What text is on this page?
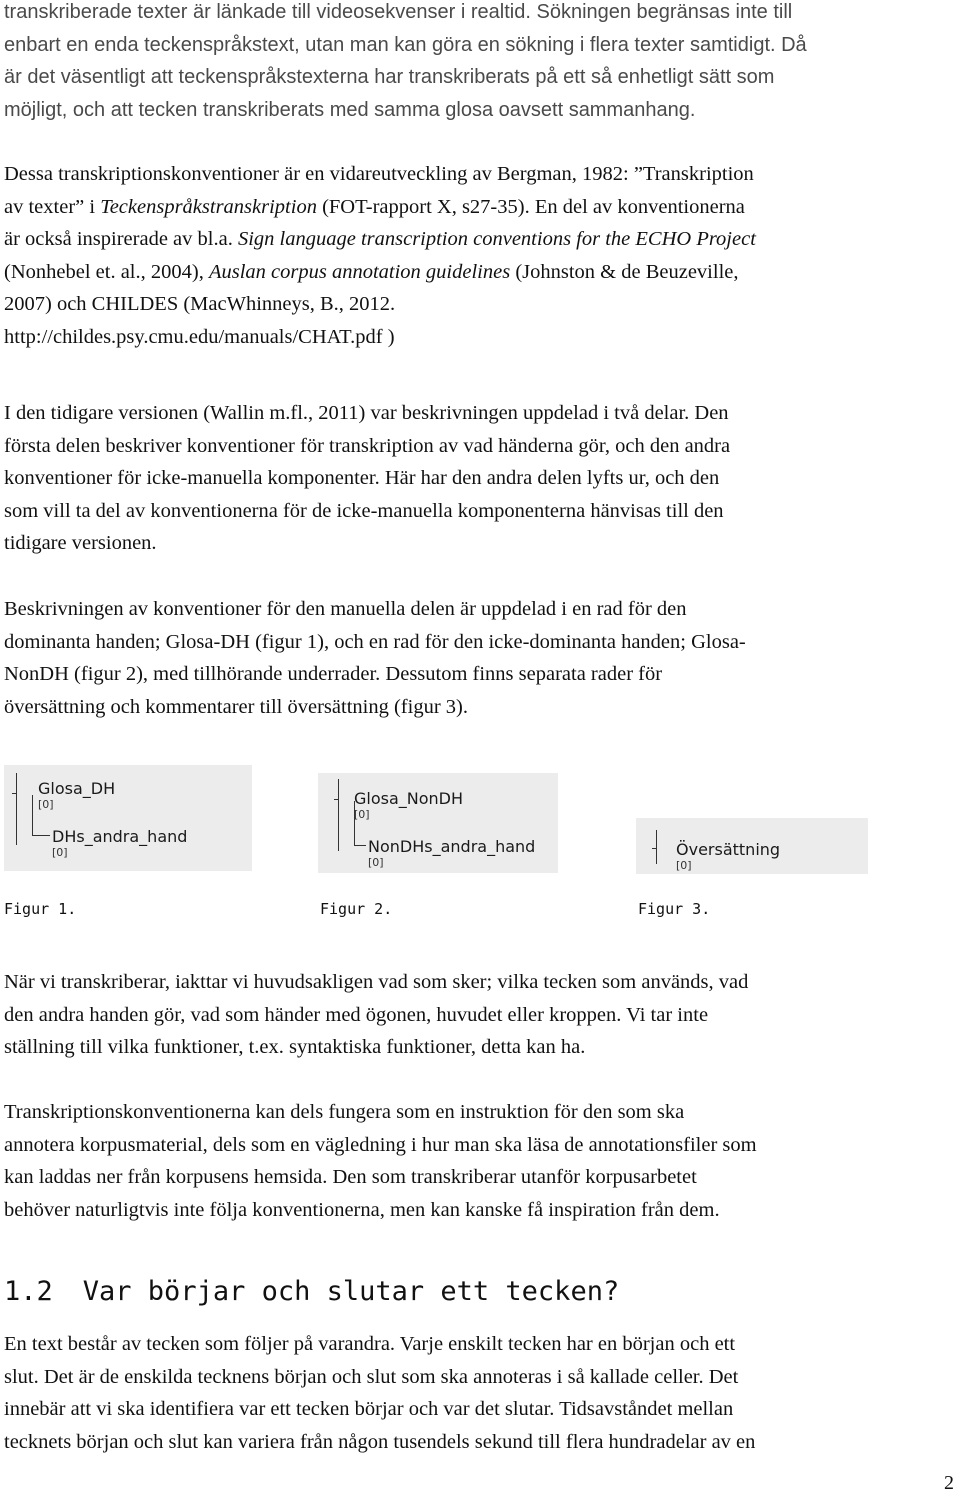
transkriberade texter är länkade till videosekvenser i realtid. Sökningen begränsas inte till
enbart en enda teckenspråkstext, utan man kan göra en sökning i flera texter samtidigt. Då
är det väsentligt att teckenspråkstexterna har transkriberats på ett så enhetligt sätt som
möjligt, och att tecken transkriberats med samma glosa oavsett sammanhang.
Dessa transkriptionskonventioner är en vidareutveckling av Bergman, 1982: ”Transkription
av texter” i Teckenspråkstranskription (FOT-rapport X, s27-35). En del av konventionerna
är också inspirerade av bl.a. Sign language transcription conventions for the ECHO Project
(Nonhebel et. al., 2004), Auslan corpus annotation guidelines (Johnston & de Beuzeville,
2007) och CHILDES (MacWhinneys, B., 2012.
http://childes.psy.cmu.edu/manuals/CHAT.pdf )
I den tidigare versionen (Wallin m.fl., 2011) var beskrivningen uppdelad i två delar. Den
första delen beskriver konventioner för transkription av vad händerna gör, och den andra
konventioner för icke-manuella komponenter. Här har den andra delen lyfts ur, och den
som vill ta del av konventionerna för de icke-manuella komponenterna hänvisas till den
tidigare versionen.
Beskrivningen av konventioner för den manuella delen är uppdelad i en rad för den
dominanta handen; Glosa-DH (figur 1), och en rad för den icke-dominanta handen; Glosa-
NonDH (figur 2), med tillhörande underrader. Dessutom finns separata rader för
översättning och kommentarer till översättning (figur 3).
Glosa_DH
[0]
DHs_andra_hand
[0]
Glosa_NonDH
[0]
NonDHs_andra_hand
[0]
Översättning
[0]
Figur 1.	Figur 2.	Figur 3.
När vi transkriberar, iakttar vi huvudsakligen vad som sker; vilka tecken som används, vad
den andra handen gör, vad som händer med ögonen, huvudet eller kroppen. Vi tar inte
ställning till vilka funktioner, t.ex. syntaktiska funktioner, detta kan ha.
Transkriptionskonventionerna kan dels fungera som en instruktion för den som ska
annotera korpusmaterial, dels som en vägledning i hur man ska läsa de annotationsfiler som
kan laddas ner från korpusens hemsida. Den som transkriberar utanför korpusarbetet
behöver naturligtvis inte följa konventionerna, men kan kanske få inspiration från dem.
1.2 Var börjar och slutar ett tecken?
En text består av tecken som följer på varandra. Varje enskilt tecken har en början och ett
slut. Det är de enskilda tecknens början och slut som ska annoteras i så kallade celler. Det
innebär att vi ska identifiera var ett tecken börjar och var det slutar. Tidsavståndet mellan
tecknets början och slut kan variera från någon tusendels sekund till flera hundradelar av en
2
